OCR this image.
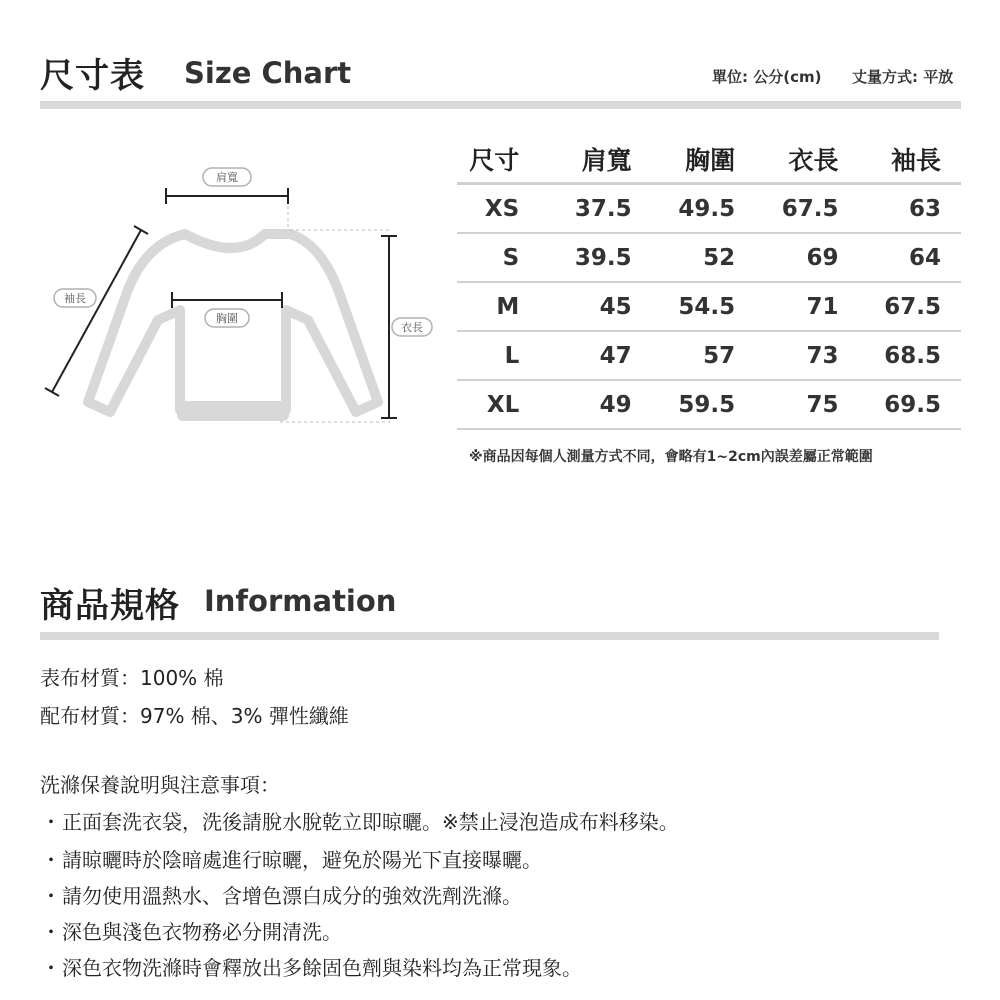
尺寸表 Size Chart	單位: 公分(cm) 丈量方式: 平放
肩寬
胸圍
衣長
袖長
尺寸	肩寬	胸圍	衣長	袖長
XS	37.5	49.5	67.5	63
S	39.5	52	69	64
M	45	54.5	71	67.5
L	47	57	73	68.5
XL	49	59.5	75	69.5
※商品因每個人測量方式不同，會略有1~2cm內誤差屬正常範圍
商品規格 Information
表布材質：100% 棉
配布材質：97% 棉、3% 彈性纖維
洗滌保養說明與注意事項：
・正面套洗衣袋，洗後請脫水脫乾立即晾曬。※禁止浸泡造成布料移染。
・請晾曬時於陰暗處進行晾曬，避免於陽光下直接曝曬。
・請勿使用溫熱水、含增色漂白成分的強效洗劑洗滌。
・深色與淺色衣物務必分開清洗。
・深色衣物洗滌時會釋放出多餘固色劑與染料均為正常現象。
